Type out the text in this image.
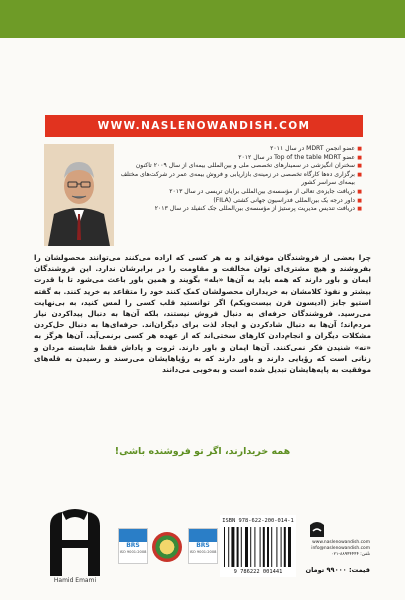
WWW.NASLENOWANDISH.COM
■ عضو انجمن MDRT در سال ۲۰۱۱
■ عضو Top of the table MDRT در سال ۲۰۱۲
■ سخنران انگیزشی در سمینارهای تخصصی ملی و بین‌المللی بیمه‌ای از سال ۲۰۰۹ تاکنون
■ برگزاری ده‌ها کارگاه تخصصی در زمینه‌ی بازاریابی و فروش بیمه‌ی عمر در شرکت‌های مختلف بیمه‌ای سراسر کشور
■ دریافت جایزه‌ی تعالی از مؤسسه‌ی بین‌المللی برایان تریسی در سال ۲۰۱۳
■ داور درجه یک بین‌المللی فدراسیون جهانی کشتی (FILA)
■ دریافت تندیس مدیریت پرستیژ از مؤسسه‌ی بین‌المللی جک کنفیلد در سال ۲۰۱۳

چرا بعضی از فروشندگان موفق‌اند و به هر کسی که اراده می‌کنند می‌توانند محصولشان را بفروشند و هیچ مشتری‌ای توان مخالفت و مقاومت را در برابرشان ندارد. این فروشندگان ایمان و باور دارند که همه باید به آن‌ها «بله» بگویند و همین باور باعث می‌شود تا با قدرت بیشتر و نفوذ کلامشان به خریداران محصولشان کمک کنند خود را متقاعد به خرید کنند. به گفته استیو جابز (ادیسون قرن بیست‌ویکم) اگر توانستید قلب کسی را لمس کنید، به بی‌نهایت می‌رسید. فروشندگان حرفه‌ای به دنبال فروش نیستند، بلکه آن‌ها به دنبال پیداکردن نیاز مردم‌اند؛ آن‌ها به دنبال شادکردن و ایجاد لذت برای دیگران‌اند. حرفه‌ای‌ها به دنبال حل‌کردن مشکلات دیگران و انجام‌دادن کارهای سختی‌اند که از عهده هر کسی برنمی‌آید. آن‌ها هرگز به «نه» شنیدن فکر نمی‌کنند. آن‌ها ایمان و باور دارند. ثروت و پاداش فقط شایسته مردان و زنانی است که رؤیایی دارند و باور دارند که به رؤیاهایشان می‌رسند و رسیدن به قله‌های موفقیت به پایه‌هایشان تبدیل شده است و به‌خوبی می‌دانند

همه خریدارند، اگر تو فروشنده باشی!
Hamid Emami
BRS
ISO 9001:2008
BRS
ISO 9001:2008
ISBN 978-622-200-014-1
9 786222 001441
www.naslenowandish.com
info@naslenowandish.com
تلفن: ۸۸۹۴۴۴۴۴-۰۲۱
قیمت: ۹۹۰۰۰ تومان
